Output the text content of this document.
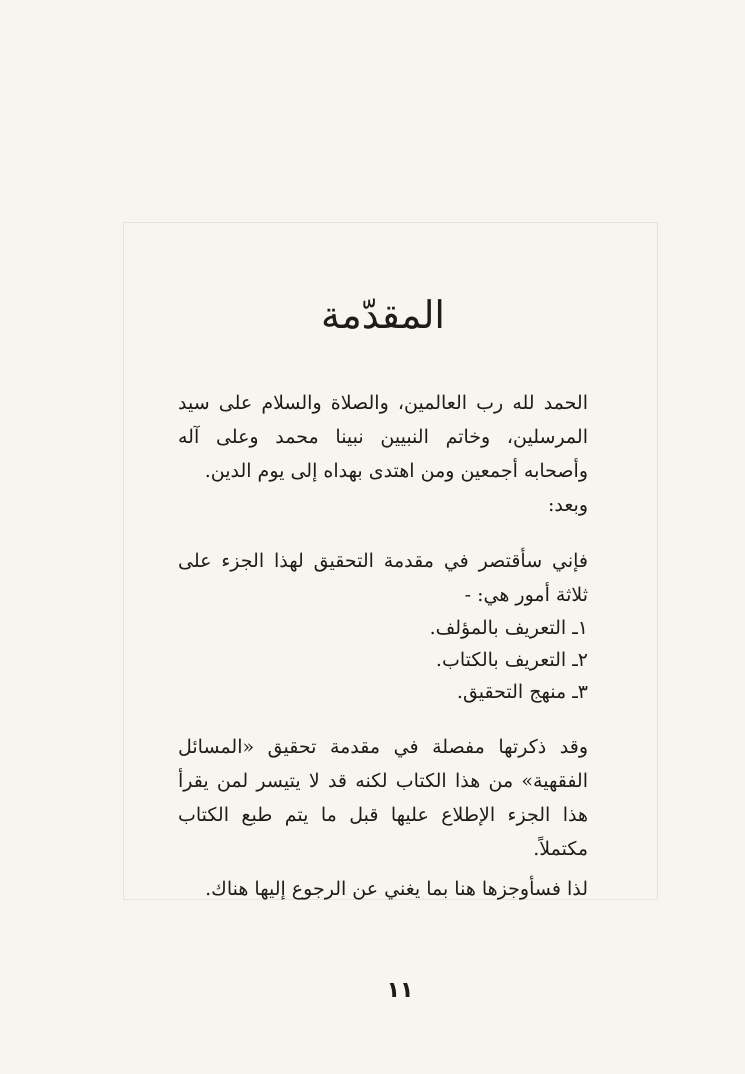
المقدّمة

الحمد لله رب العالمين، والصلاة والسلام على سيد المرسلين، وخاتم النبيين نبينا محمد وعلى آله وأصحابه أجمعين ومن اهتدى بهداه إلى يوم الدين.

وبعد:

فإني سأقتصر في مقدمة التحقيق لهذا الجزء على ثلاثة أمور هي: -

١ـ التعريف بالمؤلف.

٢ـ التعريف بالكتاب.

٣ـ منهج التحقيق.

وقد ذكرتها مفصلة في مقدمة تحقيق «المسائل الفقهية» من هذا الكتاب لكنه قد لا يتيسر لمن يقرأ هذا الجزء الإطلاع عليها قبل ما يتم طبع الكتاب مكتملاً.

لذا فسأوجزها هنا بما يغني عن الرجوع إليها هناك.

١١
